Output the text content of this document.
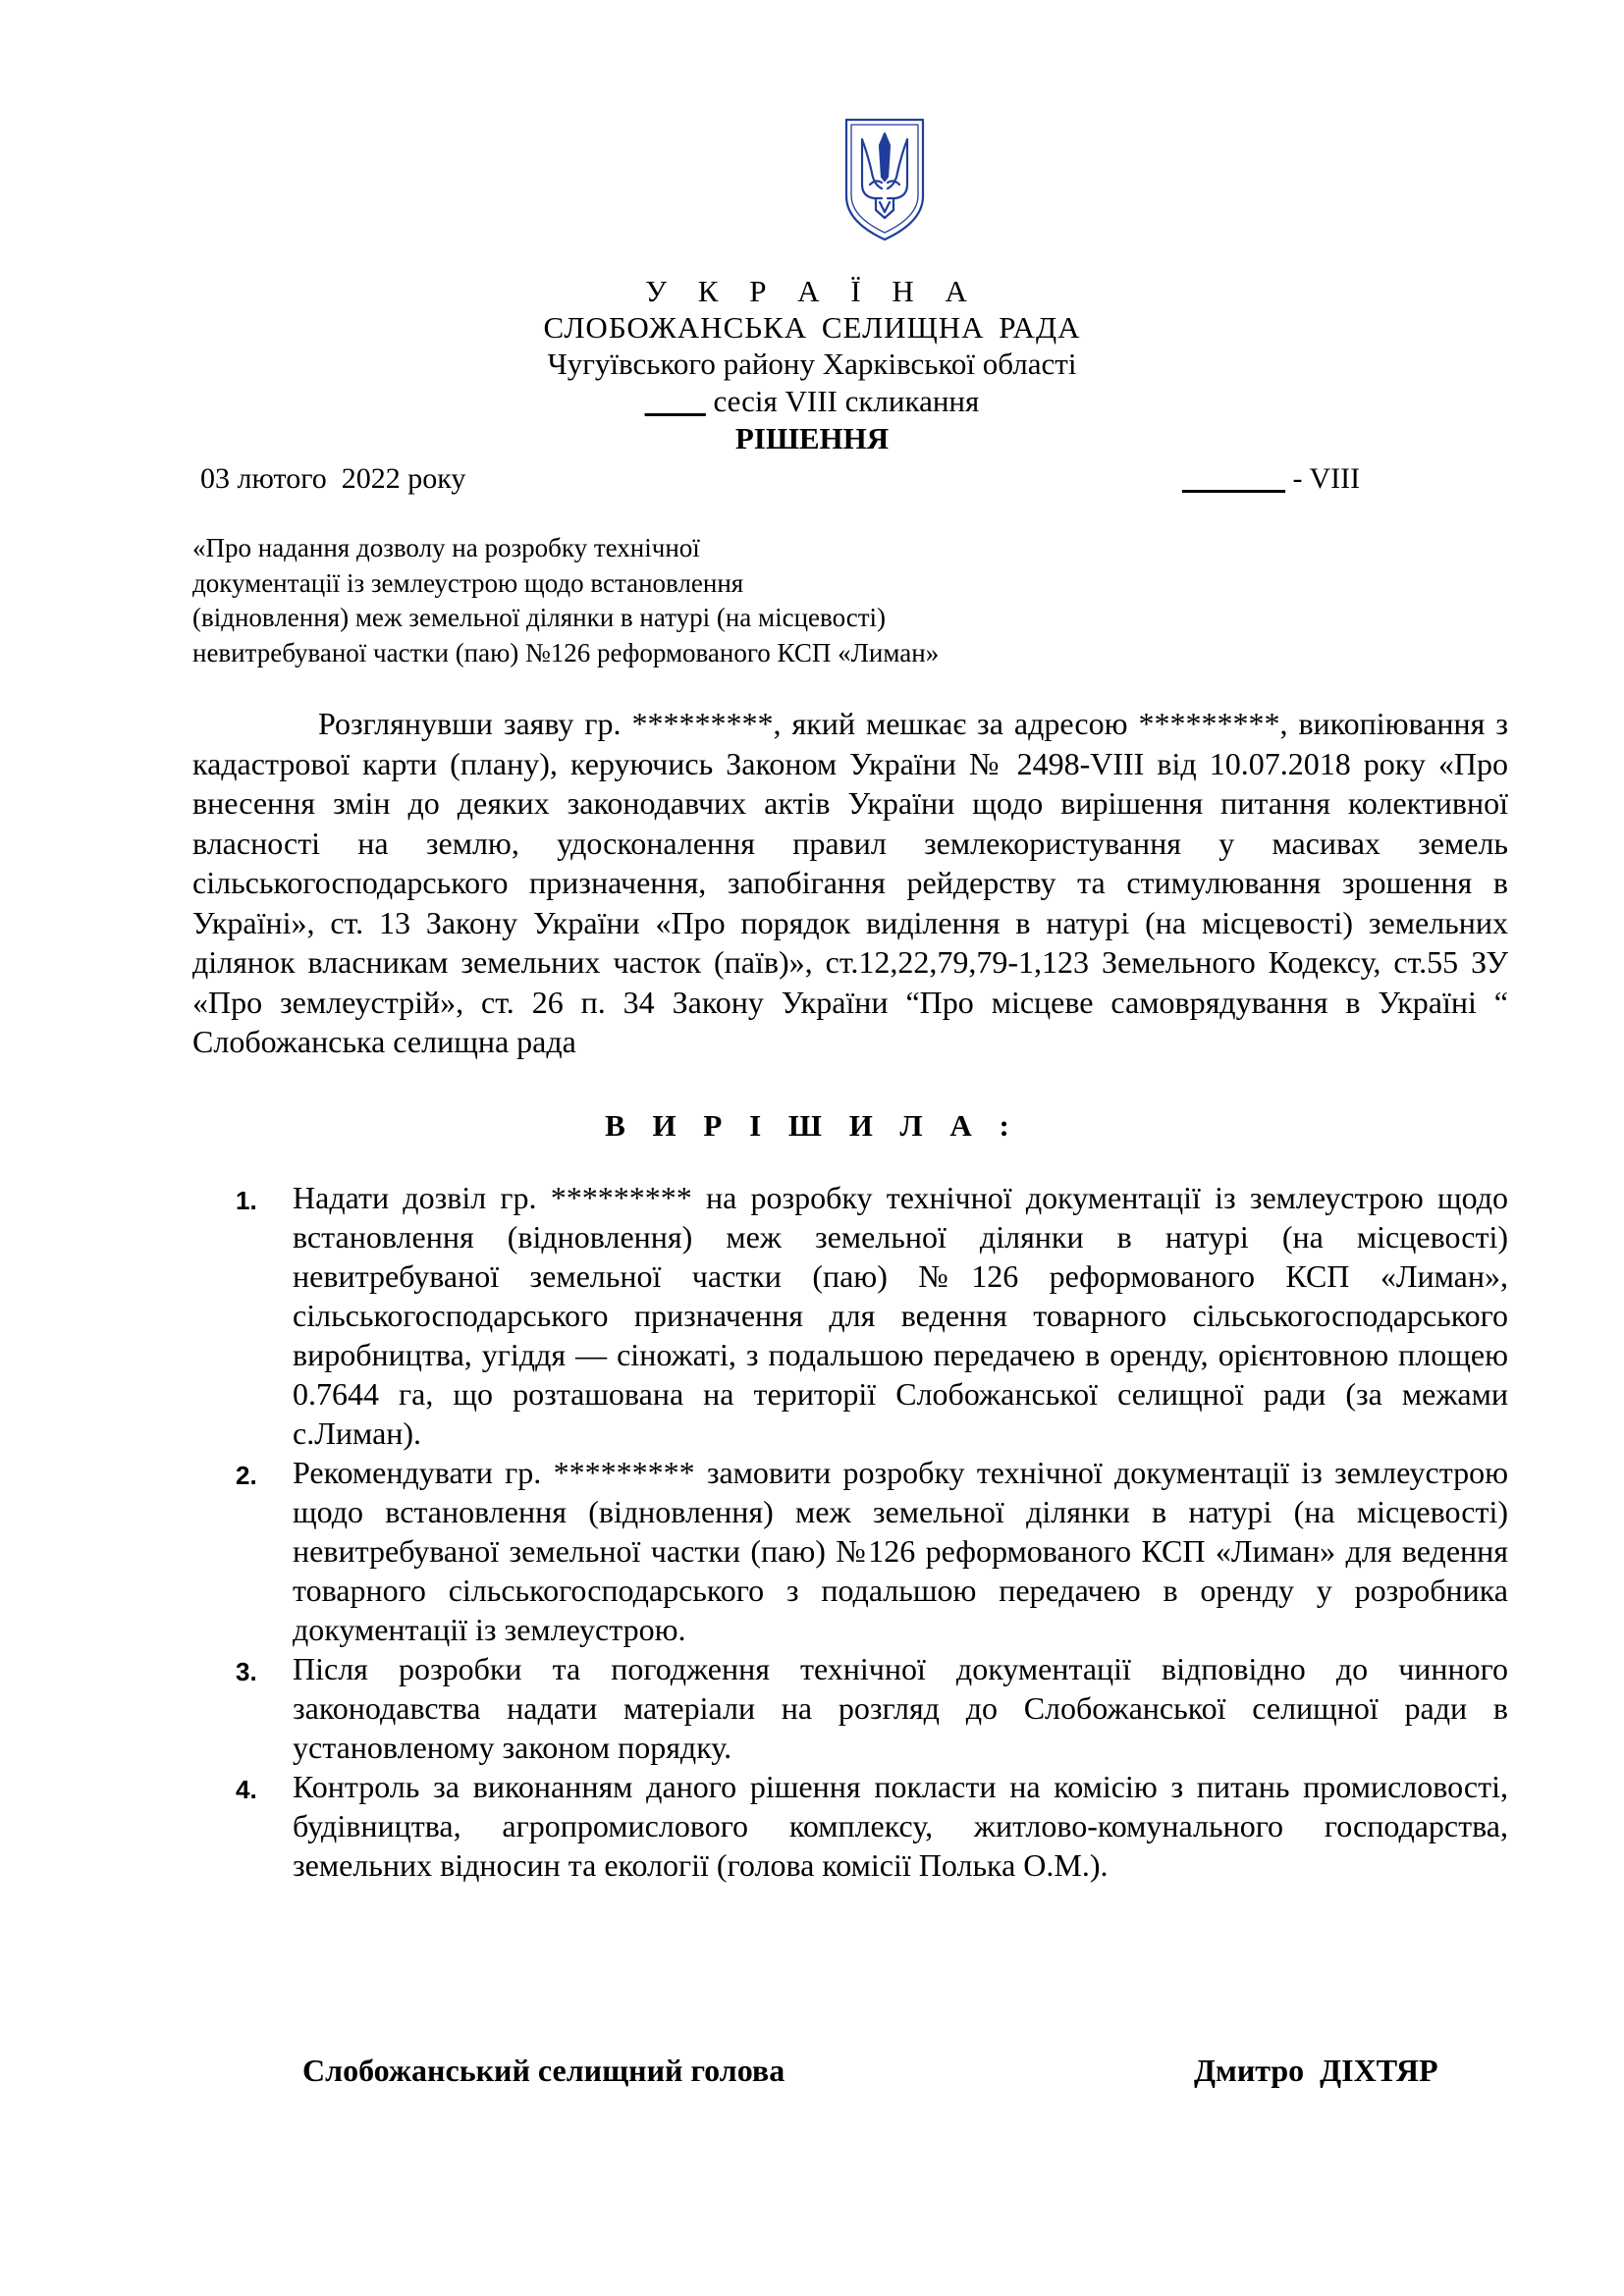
У К Р А Ї Н А
СЛОБОЖАНСЬКА СЕЛИЩНА РАДА
Чугуївського району Харківської області
____ сесія VIII скликання
РІШЕННЯ
03 лютого  2022 року	_______ - VIII
«Про надання дозволу на розробку технічної
документації із землеустрою щодо встановлення
(відновлення) меж земельної ділянки в натурі (на місцевості)
невитребуваної частки (паю) №126 реформованого КСП «Лиман»
Розглянувши заяву гр. *********, який мешкає за адресою *********, викопіювання з кадастрової карти (плану), керуючись Законом України № 2498-VIII від 10.07.2018 року «Про внесення змін до деяких законодавчих актів України щодо вирішення питання колективної власності на землю, удосконалення правил землекористування у масивах земель сільськогосподарського призначення, запобігання рейдерству та стимулювання зрошення в Україні», ст. 13 Закону України «Про порядок виділення в натурі (на місцевості) земельних ділянок власникам земельних часток (паїв)», ст.12,22,79,79-1,123 Земельного Кодексу, ст.55 ЗУ «Про землеустрій», ст. 26 п. 34 Закону України “Про місцеве самоврядування в Україні “ Слобожанська селищна рада
В И Р І Ш И Л А :
1. Надати дозвіл гр. ********* на розробку технічної документації із землеустрою щодо встановлення (відновлення) меж земельної ділянки в натурі (на місцевості) невитребуваної земельної частки (паю) №126 реформованого КСП «Лиман», сільськогосподарського призначення для ведення товарного сільськогосподарського виробництва, угіддя — сіножаті, з подальшою передачею в оренду, орієнтовною площею 0.7644 га, що розташована на території Слобожанської селищної ради (за межами с.Лиман).
2. Рекомендувати гр. ********* замовити розробку технічної документації із землеустрою щодо встановлення (відновлення) меж земельної ділянки в натурі (на місцевості) невитребуваної земельної частки (паю) №126 реформованого КСП «Лиман» для ведення товарного сільськогосподарського з подальшою передачею в оренду у розробника документації із землеустрою.
3. Після розробки та погодження технічної документації відповідно до чинного законодавства надати матеріали на розгляд до Слобожанської селищної ради в установленому законом порядку.
4. Контроль за виконанням даного рішення покласти на комісію з питань промисловості, будівництва, агропромислового комплексу, житлово-комунального господарства, земельних відносин та екології (голова комісії Полька О.М.).
Слобожанський селищний голова	Дмитро  ДІХТЯР
